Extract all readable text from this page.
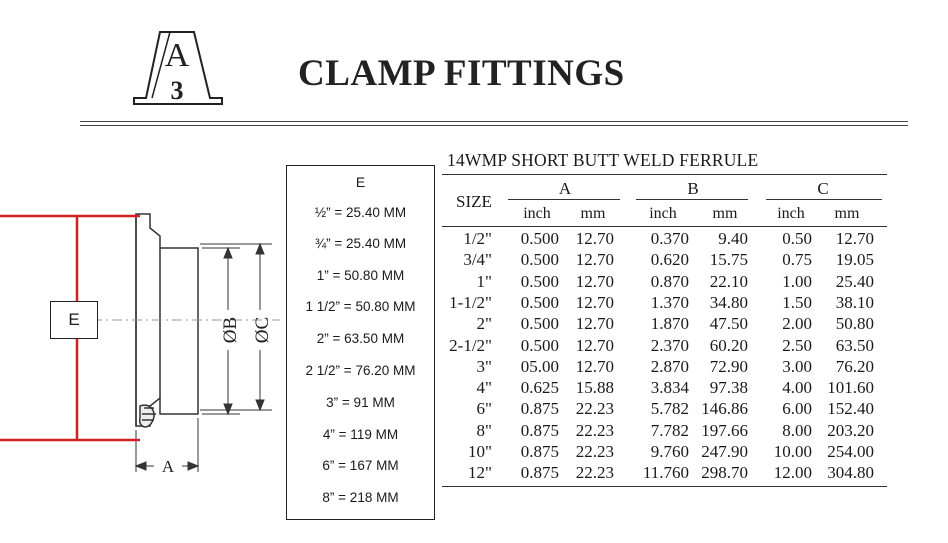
A
3	CLAMP FITTINGS
ØB ØC
A
E
E
½” = 25.40 MM
¾” = 25.40 MM
1” = 50.80 MM
1 1/2” = 50.80 MM
2” = 63.50 MM
2 1/2” = 76.20 MM
3” = 91 MM
4” = 119 MM
6” = 167 MM
8” = 218 MM
14WMP SHORT BUTT WELD FERRULE
SIZE
A	B	C
inch	mm	inch	mm	inch	mm
1/2" 0.500 12.70 0.370 9.40 0.50 12.70
3/4" 0.500 12.70 0.620 15.75 0.75 19.05
1" 0.500 12.70 0.870 22.10 1.00 25.40
1-1/2" 0.500 12.70 1.370 34.80 1.50 38.10
2" 0.500 12.70 1.870 47.50 2.00 50.80
2-1/2" 0.500 12.70 2.370 60.20 2.50 63.50
3" 05.00 12.70 2.870 72.90 3.00 76.20
4" 0.625 15.88 3.834 97.38 4.00 101.60
6" 0.875 22.23 5.782 146.86 6.00 152.40
8" 0.875 22.23 7.782 197.66 8.00 203.20
10" 0.875 22.23 9.760 247.90 10.00 254.00
12" 0.875 22.23 11.760 298.70 12.00 304.80
